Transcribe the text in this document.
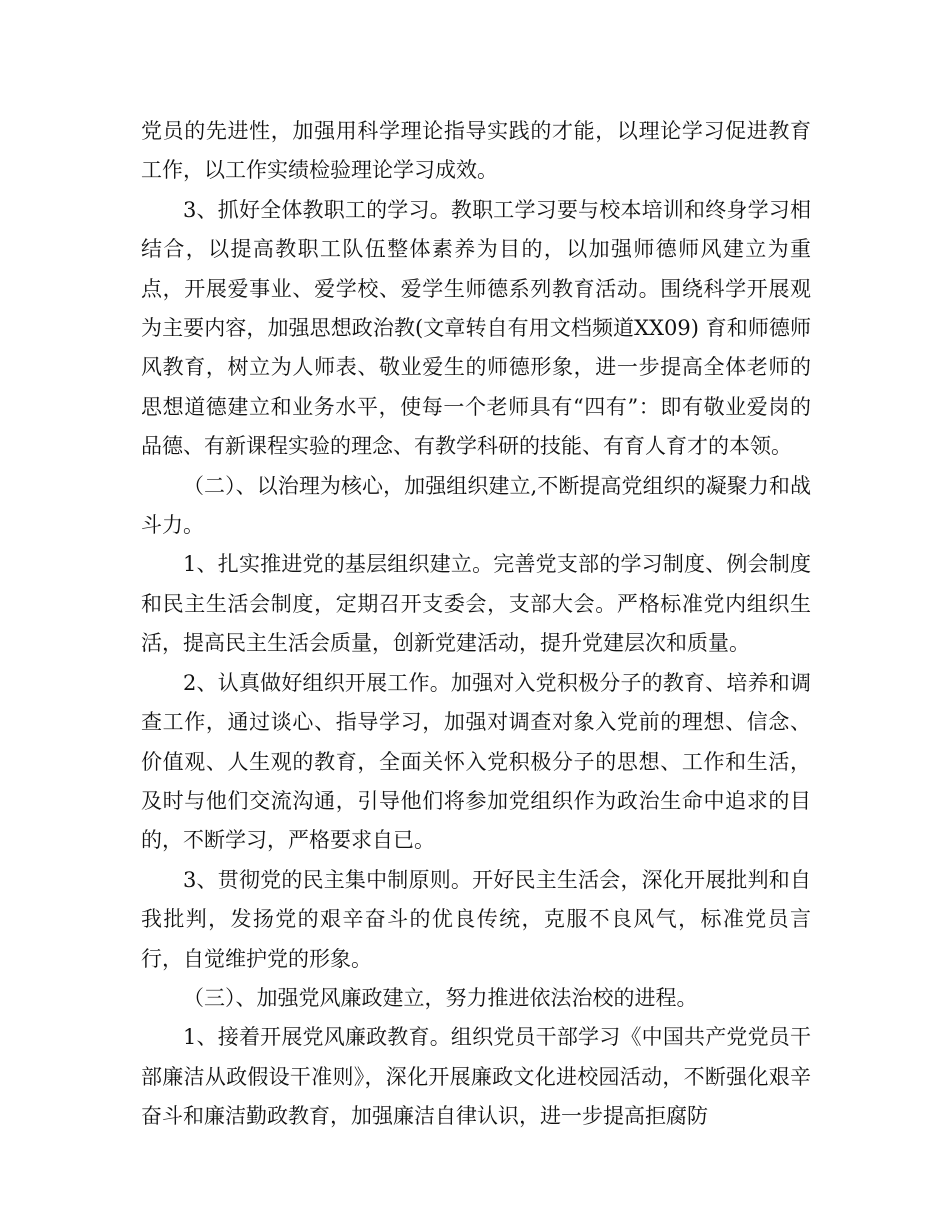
党员的先进性，加强用科学理论指导实践的才能，以理论学习促进教育工作，以工作实绩检验理论学习成效。

3、抓好全体教职工的学习。教职工学习要与校本培训和终身学习相结合，以提高教职工队伍整体素养为目的，以加强师德师风建立为重点，开展爱事业、爱学校、爱学生师德系列教育活动。围绕科学开展观为主要内容，加强思想政治教(文章转自有用文档频道XX09) 育和师德师风教育，树立为人师表、敬业爱生的师德形象，进一步提高全体老师的思想道德建立和业务水平，使每一个老师具有“四有”：即有敬业爱岗的品德、有新课程实验的理念、有教学科研的技能、有育人育才的本领。

（二）、以治理为核心，加强组织建立,不断提高党组织的凝聚力和战斗力。

1、扎实推进党的基层组织建立。完善党支部的学习制度、例会制度和民主生活会制度，定期召开支委会，支部大会。严格标准党内组织生活，提高民主生活会质量，创新党建活动，提升党建层次和质量。

2、认真做好组织开展工作。加强对入党积极分子的教育、培养和调查工作，通过谈心、指导学习，加强对调查对象入党前的理想、信念、价值观、人生观的教育，全面关怀入党积极分子的思想、工作和生活，及时与他们交流沟通，引导他们将参加党组织作为政治生命中追求的目的，不断学习，严格要求自已。

3、贯彻党的民主集中制原则。开好民主生活会，深化开展批判和自我批判，发扬党的艰辛奋斗的优良传统，克服不良风气，标准党员言行，自觉维护党的形象。

（三）、加强党风廉政建立，努力推进依法治校的进程。

1、接着开展党风廉政教育。组织党员干部学习《中国共产党党员干部廉洁从政假设干准则》，深化开展廉政文化进校园活动，不断强化艰辛奋斗和廉洁勤政教育，加强廉洁自律认识，进一步提高拒腐防
